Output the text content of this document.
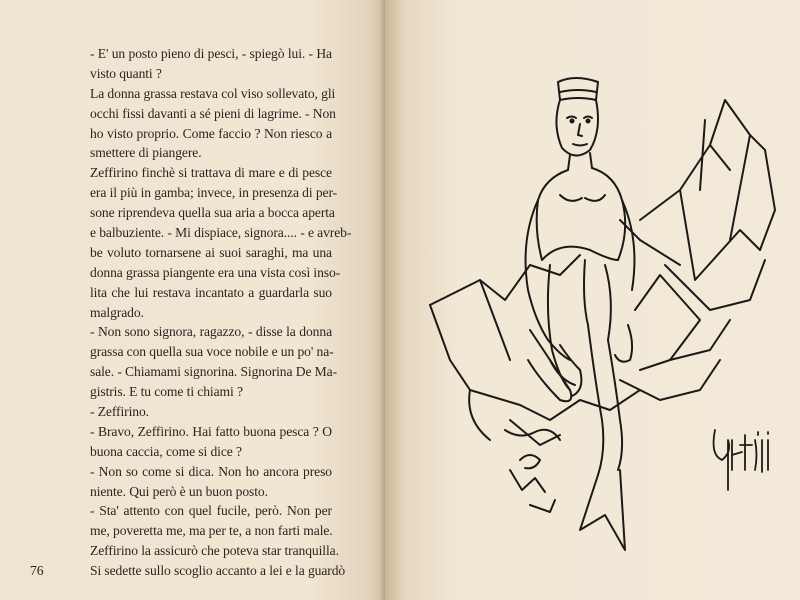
- E' un posto pieno di pesci, - spiegò lui. - Ha
visto quanti ?
La donna grassa restava col viso sollevato, gli
occhi fissi davanti a sé pieni di lagrime. - Non
ho visto proprio. Come faccio ? Non riesco a
smettere di piangere.
Zeffirino finchè si trattava di mare e di pesce
era il più in gamba; invece, in presenza di per-
sone riprendeva quella sua aria a bocca aperta
e balbuziente. - Mi dispiace, signora.... - e avreb-
be voluto tornarsene ai suoi saraghi, ma una
donna grassa piangente era una vista così inso-
lita che lui restava incantato a guardarla suo
malgrado.
- Non sono signora, ragazzo, - disse la donna
grassa con quella sua voce nobile e un po' na-
sale. - Chiamami signorina. Signorina De Ma-
gistris. E tu come ti chiami ?
- Zeffirino.
- Bravo, Zeffirino. Hai fatto buona pesca ? O
buona caccia, come si dice ?
- Non so come si dica. Non ho ancora preso
niente. Qui però è un buon posto.
- Sta' attento con quel fucile, però. Non per
me, poveretta me, ma per te, a non farti male.
Zeffirino la assicurò che poteva star tranquilla.
Si sedette sullo scoglio accanto a lei e la guardò
76
